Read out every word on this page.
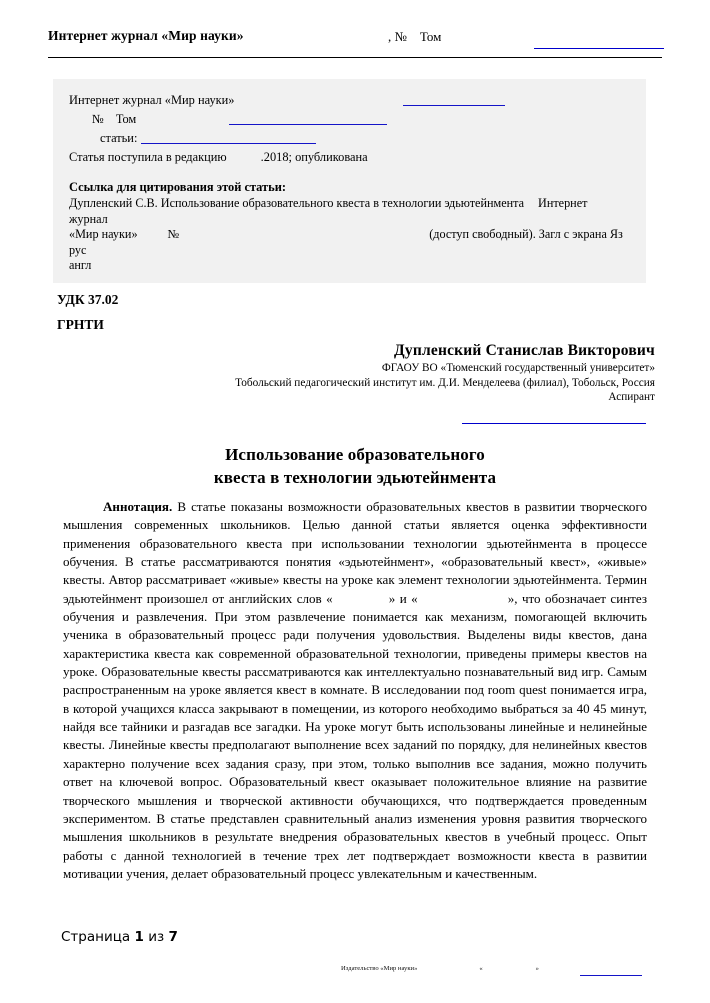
Интернет журнал «Мир науки»	, № Том
Интернет журнал «Мир науки»
№ Том
статьи:
Статья поступила в редакцию	.2018; опубликована
Ссылка для цитирования этой статьи:
Дупленский С.В. Использование образовательного квеста в технологии эдьютейнмента Интернет журнал
«Мир науки» №	(доступ свободный). Загл с экрана Яз рус
англ
УДК 37.02
ГРНТИ
Дупленский Станислав Викторович
ФГАОУ ВО «Тюменский государственный университет»
Тобольский педагогический институт им. Д.И. Менделеева (филиал), Тобольск, Россия
Аспирант
Использование образовательного
квеста в технологии эдьютейнмента
Аннотация. В статье показаны возможности образовательных квестов в развитии творческого мышления современных школьников. Целью данной статьи является оценка эффективности применения образовательного квеста при использовании технологии эдьютейнмента в процессе обучения. В статье рассматриваются понятия «эдьютейнмент», «образовательный квест», «живые» квесты. Автор рассматривает «живые» квесты на уроке как элемент технологии эдьютейнмента. Термин эдьютейнмент произошел от английских слов «	» и «	», что обозначает синтез обучения и развлечения. При этом развлечение понимается как механизм, помогающей включить ученика в образовательный процесс ради получения удовольствия. Выделены виды квестов, дана характеристика квеста как современной образовательной технологии, приведены примеры квестов на уроке. Образовательные квесты рассматриваются как интеллектуально познавательный вид игр. Самым распространенным на уроке является квест в комнате. В исследовании под room quest понимается игра, в которой учащихся класса закрывают в помещении, из которого необходимо выбраться за 40 45 минут, найдя все тайники и разгадав все загадки. На уроке могут быть использованы линейные и нелинейные квесты. Линейные квесты предполагают выполнение всех заданий по порядку, для нелинейных квестов характерно получение всех задания сразу, при этом, только выполнив все задания, можно получить ответ на ключевой вопрос. Образовательный квест оказывает положительное влияние на развитие творческого мышления и творческой активности обучающихся, что подтверждается проведенным экспериментом. В статье представлен сравнительный анализ изменения уровня развития творческого мышления школьников в результате внедрения образовательных квестов в учебный процесс. Опыт работы с данной технологией в течение трех лет подтверждает возможности квеста в развитии мотивации учения, делает образовательный процесс увлекательным и качественным.
Страница 1 из 7
Издательство «Мир науки»	«	»
